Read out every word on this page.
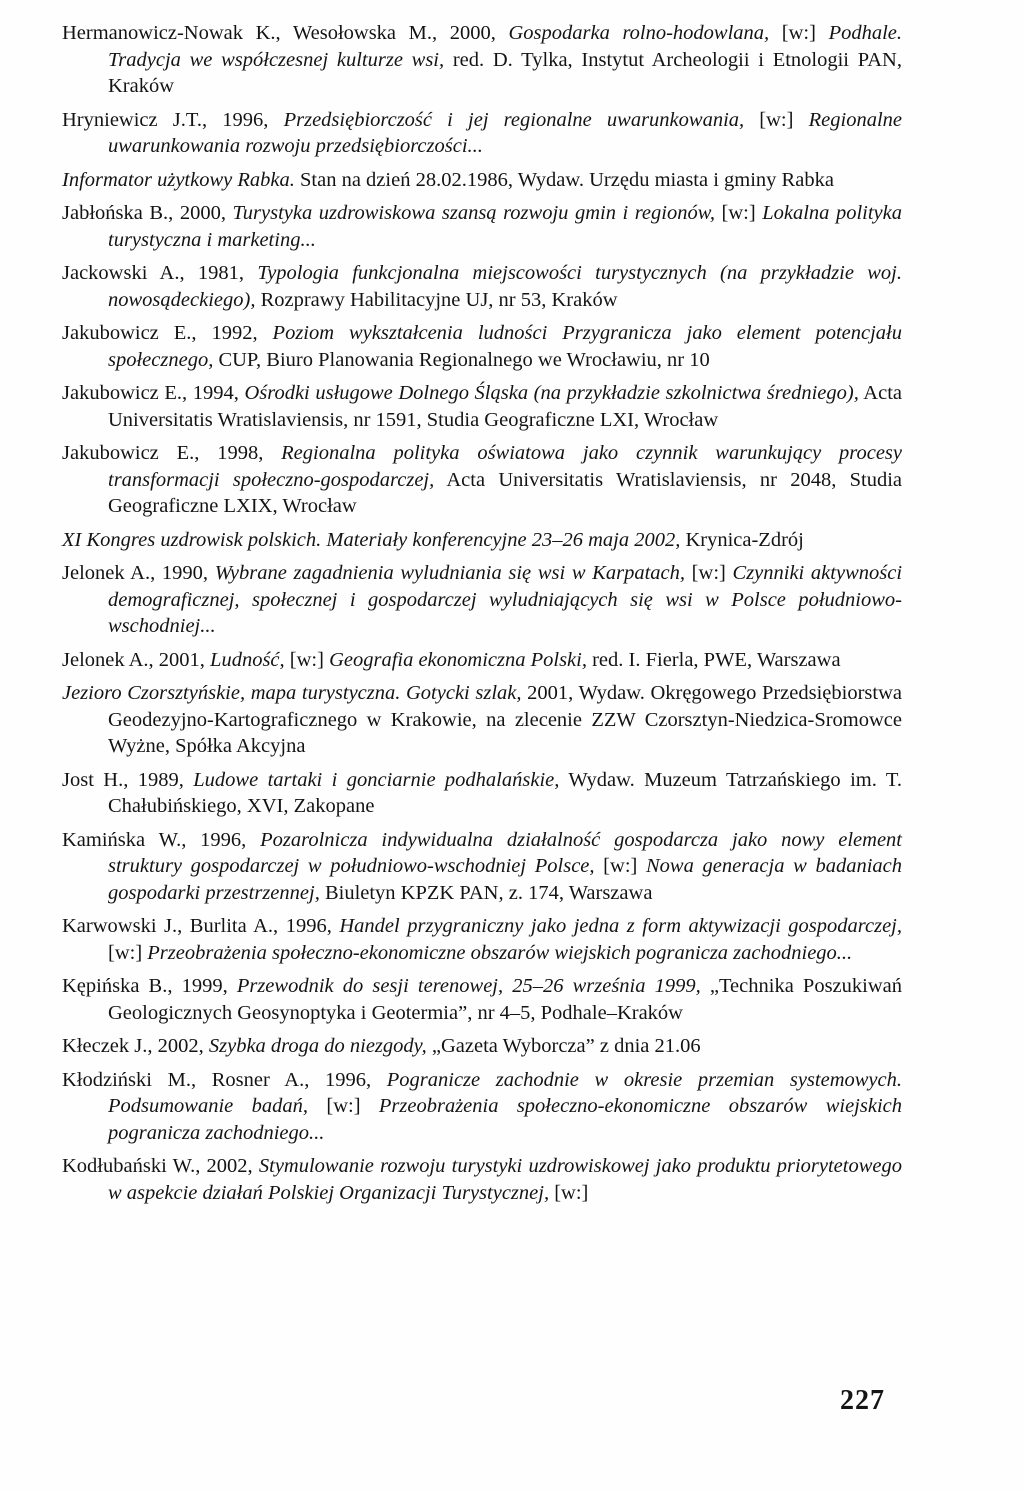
Hermanowicz-Nowak K., Wesołowska M., 2000, Gospodarka rolno-hodowlana, [w:] Podhale. Tradycja we współczesnej kulturze wsi, red. D. Tylka, Instytut Archeologii i Etnologii PAN, Kraków

Hryniewicz J.T., 1996, Przedsiębiorczość i jej regionalne uwarunkowania, [w:] Regionalne uwarunkowania rozwoju przedsiębiorczości...

Informator użytkowy Rabka. Stan na dzień 28.02.1986, Wydaw. Urzędu miasta i gminy Rabka

Jabłońska B., 2000, Turystyka uzdrowiskowa szansą rozwoju gmin i regionów, [w:] Lokalna polityka turystyczna i marketing...

Jackowski A., 1981, Typologia funkcjonalna miejscowości turystycznych (na przykładzie woj. nowosądeckiego), Rozprawy Habilitacyjne UJ, nr 53, Kraków

Jakubowicz E., 1992, Poziom wykształcenia ludności Przygranicza jako element potencjału społecznego, CUP, Biuro Planowania Regionalnego we Wrocławiu, nr 10

Jakubowicz E., 1994, Ośrodki usługowe Dolnego Śląska (na przykładzie szkolnictwa średniego), Acta Universitatis Wratislaviensis, nr 1591, Studia Geograficzne LXI, Wrocław

Jakubowicz E., 1998, Regionalna polityka oświatowa jako czynnik warunkujący procesy transformacji społeczno-gospodarczej, Acta Universitatis Wratislaviensis, nr 2048, Studia Geograficzne LXIX, Wrocław

XI Kongres uzdrowisk polskich. Materiały konferencyjne 23–26 maja 2002, Krynica-Zdrój

Jelonek A., 1990, Wybrane zagadnienia wyludniania się wsi w Karpatach, [w:] Czynniki aktywności demograficznej, społecznej i gospodarczej wyludniających się wsi w Polsce południowo-wschodniej...

Jelonek A., 2001, Ludność, [w:] Geografia ekonomiczna Polski, red. I. Fierla, PWE, Warszawa

Jezioro Czorsztyńskie, mapa turystyczna. Gotycki szlak, 2001, Wydaw. Okręgowego Przedsiębiorstwa Geodezyjno-Kartograficznego w Krakowie, na zlecenie ZZW Czorsztyn-Niedzica-Sromowce Wyżne, Spółka Akcyjna

Jost H., 1989, Ludowe tartaki i gonciarnie podhalańskie, Wydaw. Muzeum Tatrzańskiego im. T. Chałubińskiego, XVI, Zakopane

Kamińska W., 1996, Pozarolnicza indywidualna działalność gospodarcza jako nowy element struktury gospodarczej w południowo-wschodniej Polsce, [w:] Nowa generacja w badaniach gospodarki przestrzennej, Biuletyn KPZK PAN, z. 174, Warszawa

Karwowski J., Burlita A., 1996, Handel przygraniczny jako jedna z form aktywizacji gospodarczej, [w:] Przeobrażenia społeczno-ekonomiczne obszarów wiejskich pogranicza zachodniego...

Kępińska B., 1999, Przewodnik do sesji terenowej, 25–26 września 1999, „Technika Poszukiwań Geologicznych Geosynoptyka i Geotermia”, nr 4–5, Podhale–Kraków

Kłeczek J., 2002, Szybka droga do niezgody, „Gazeta Wyborcza” z dnia 21.06

Kłodziński M., Rosner A., 1996, Pogranicze zachodnie w okresie przemian systemowych. Podsumowanie badań, [w:] Przeobrażenia społeczno-ekonomiczne obszarów wiejskich pogranicza zachodniego...

Kodłubański W., 2002, Stymulowanie rozwoju turystyki uzdrowiskowej jako produktu priorytetowego w aspekcie działań Polskiej Organizacji Turystycznej, [w:]

227
